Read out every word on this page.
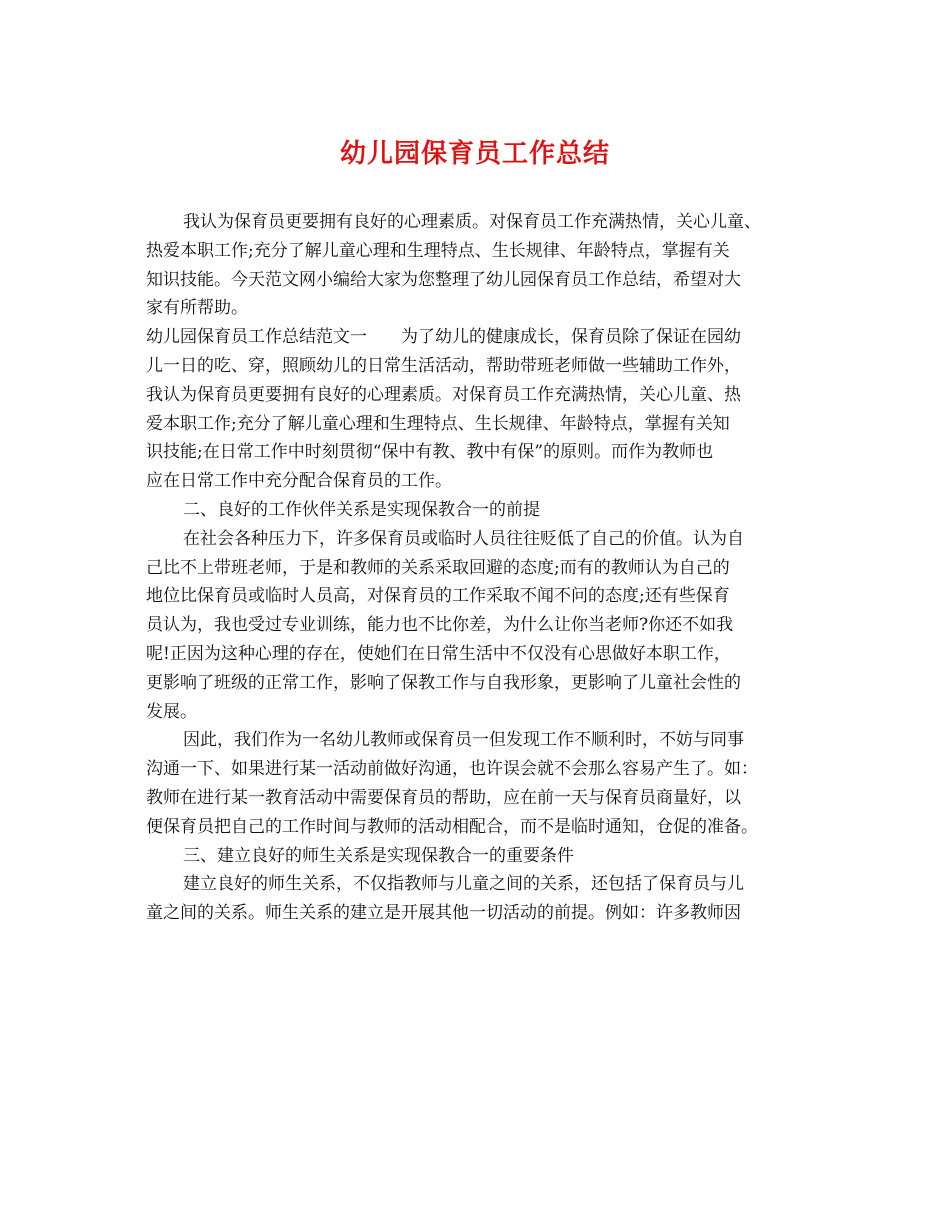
幼儿园保育员工作总结
我认为保育员更要拥有良好的心理素质。对保育员工作充满热情，关心儿童、
热爱本职工作;充分了解儿童心理和生理特点、生长规律、年龄特点，掌握有关
知识技能。今天范文网小编给大家为您整理了幼儿园保育员工作总结，希望对大
家有所帮助。
幼儿园保育员工作总结范文一　　为了幼儿的健康成长，保育员除了保证在园幼
儿一日的吃、穿，照顾幼儿的日常生活活动，帮助带班老师做一些辅助工作外，
我认为保育员更要拥有良好的心理素质。对保育员工作充满热情，关心儿童、热
爱本职工作;充分了解儿童心理和生理特点、生长规律、年龄特点，掌握有关知
识技能;在日常工作中时刻贯彻“保中有教、教中有保”的原则。而作为教师也
应在日常工作中充分配合保育员的工作。
二、良好的工作伙伴关系是实现保教合一的前提
在社会各种压力下，许多保育员或临时人员往往贬低了自己的价值。认为自
己比不上带班老师，于是和教师的关系采取回避的态度;而有的教师认为自己的
地位比保育员或临时人员高，对保育员的工作采取不闻不问的态度;还有些保育
员认为，我也受过专业训练，能力也不比你差，为什么让你当老师?你还不如我
呢!正因为这种心理的存在，使她们在日常生活中不仅没有心思做好本职工作，
更影响了班级的正常工作，影响了保教工作与自我形象，更影响了儿童社会性的
发展。
因此，我们作为一名幼儿教师或保育员一但发现工作不顺利时，不妨与同事
沟通一下、如果进行某一活动前做好沟通，也许误会就不会那么容易产生了。如：
教师在进行某一教育活动中需要保育员的帮助，应在前一天与保育员商量好，以
便保育员把自己的工作时间与教师的活动相配合，而不是临时通知，仓促的准备。
三、建立良好的师生关系是实现保教合一的重要条件
建立良好的师生关系，不仅指教师与儿童之间的关系，还包括了保育员与儿
童之间的关系。师生关系的建立是开展其他一切活动的前提。例如：许多教师因
